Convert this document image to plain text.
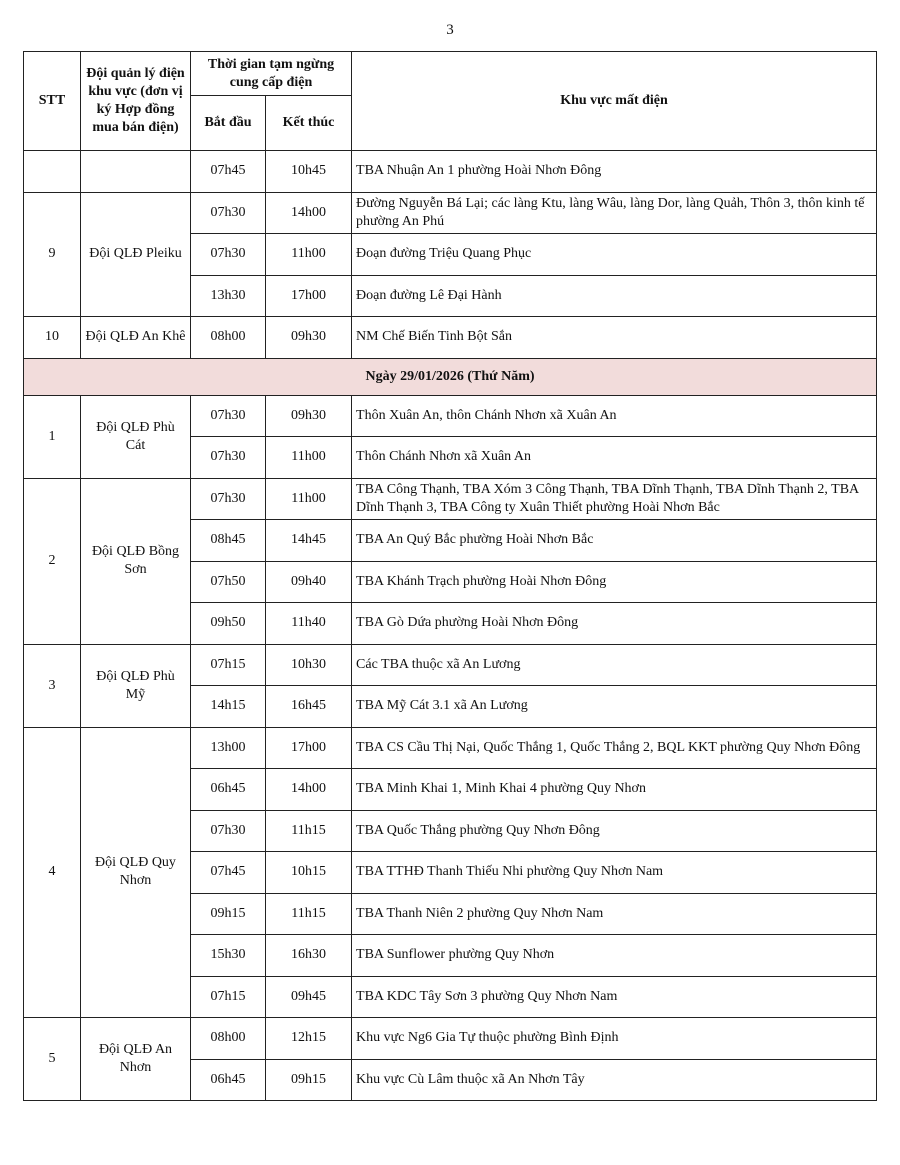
3
STT	Đội quản lý điện khu vực (đơn vị ký Hợp đồng mua bán điện)	Thời gian tạm ngừng cung cấp điện		Khu vực mất điện
		Bắt đầu	Kết thúc	
		07h45	10h45	TBA Nhuận An 1 phường Hoài Nhơn Đông
9	Đội QLĐ Pleiku	07h30	14h00	Đường Nguyễn Bá Lại; các làng Ktu, làng Wâu, làng Dor, làng Quảh, Thôn 3, thôn kinh tế phường An Phú
		07h30	11h00	Đoạn đường Triệu Quang Phục
		13h30	17h00	Đoạn đường Lê Đại Hành
10	Đội QLĐ An Khê	08h00	09h30	NM Chế Biến Tinh Bột Sắn
Ngày 29/01/2026 (Thứ Năm)				
1	Đội QLĐ Phù Cát	07h30	09h30	Thôn Xuân An, thôn Chánh Nhơn xã Xuân An
		07h30	11h00	Thôn Chánh Nhơn xã Xuân An
2	Đội QLĐ Bồng Sơn	07h30	11h00	TBA Công Thạnh, TBA Xóm 3 Công Thạnh, TBA Dĩnh Thạnh, TBA Dĩnh Thạnh 2, TBA Dĩnh Thạnh 3, TBA Công ty Xuân Thiết phường Hoài Nhơn Bắc
		08h45	14h45	TBA An Quý Bắc phường Hoài Nhơn Bắc
		07h50	09h40	TBA Khánh Trạch phường Hoài Nhơn Đông
		09h50	11h40	TBA Gò Dứa phường Hoài Nhơn Đông
3	Đội QLĐ Phù Mỹ	07h15	10h30	Các TBA thuộc xã An Lương
		14h15	16h45	TBA Mỹ Cát 3.1 xã An Lương
4	Đội QLĐ Quy Nhơn	13h00	17h00	TBA CS Cầu Thị Nại, Quốc Thắng 1, Quốc Thắng 2, BQL KKT phường Quy Nhơn Đông
		06h45	14h00	TBA Minh Khai 1, Minh Khai 4 phường Quy Nhơn
		07h30	11h15	TBA Quốc Thắng phường Quy Nhơn Đông
		07h45	10h15	TBA TTHĐ Thanh Thiếu Nhi phường Quy Nhơn Nam
		09h15	11h15	TBA Thanh Niên 2 phường Quy Nhơn Nam
		15h30	16h30	TBA Sunflower phường Quy Nhơn
		07h15	09h45	TBA KDC Tây Sơn 3 phường Quy Nhơn Nam
5	Đội QLĐ An Nhơn	08h00	12h15	Khu vực Ng6 Gia Tự thuộc phường Bình Định
		06h45	09h15	Khu vực Cù Lâm thuộc xã An Nhơn Tây
